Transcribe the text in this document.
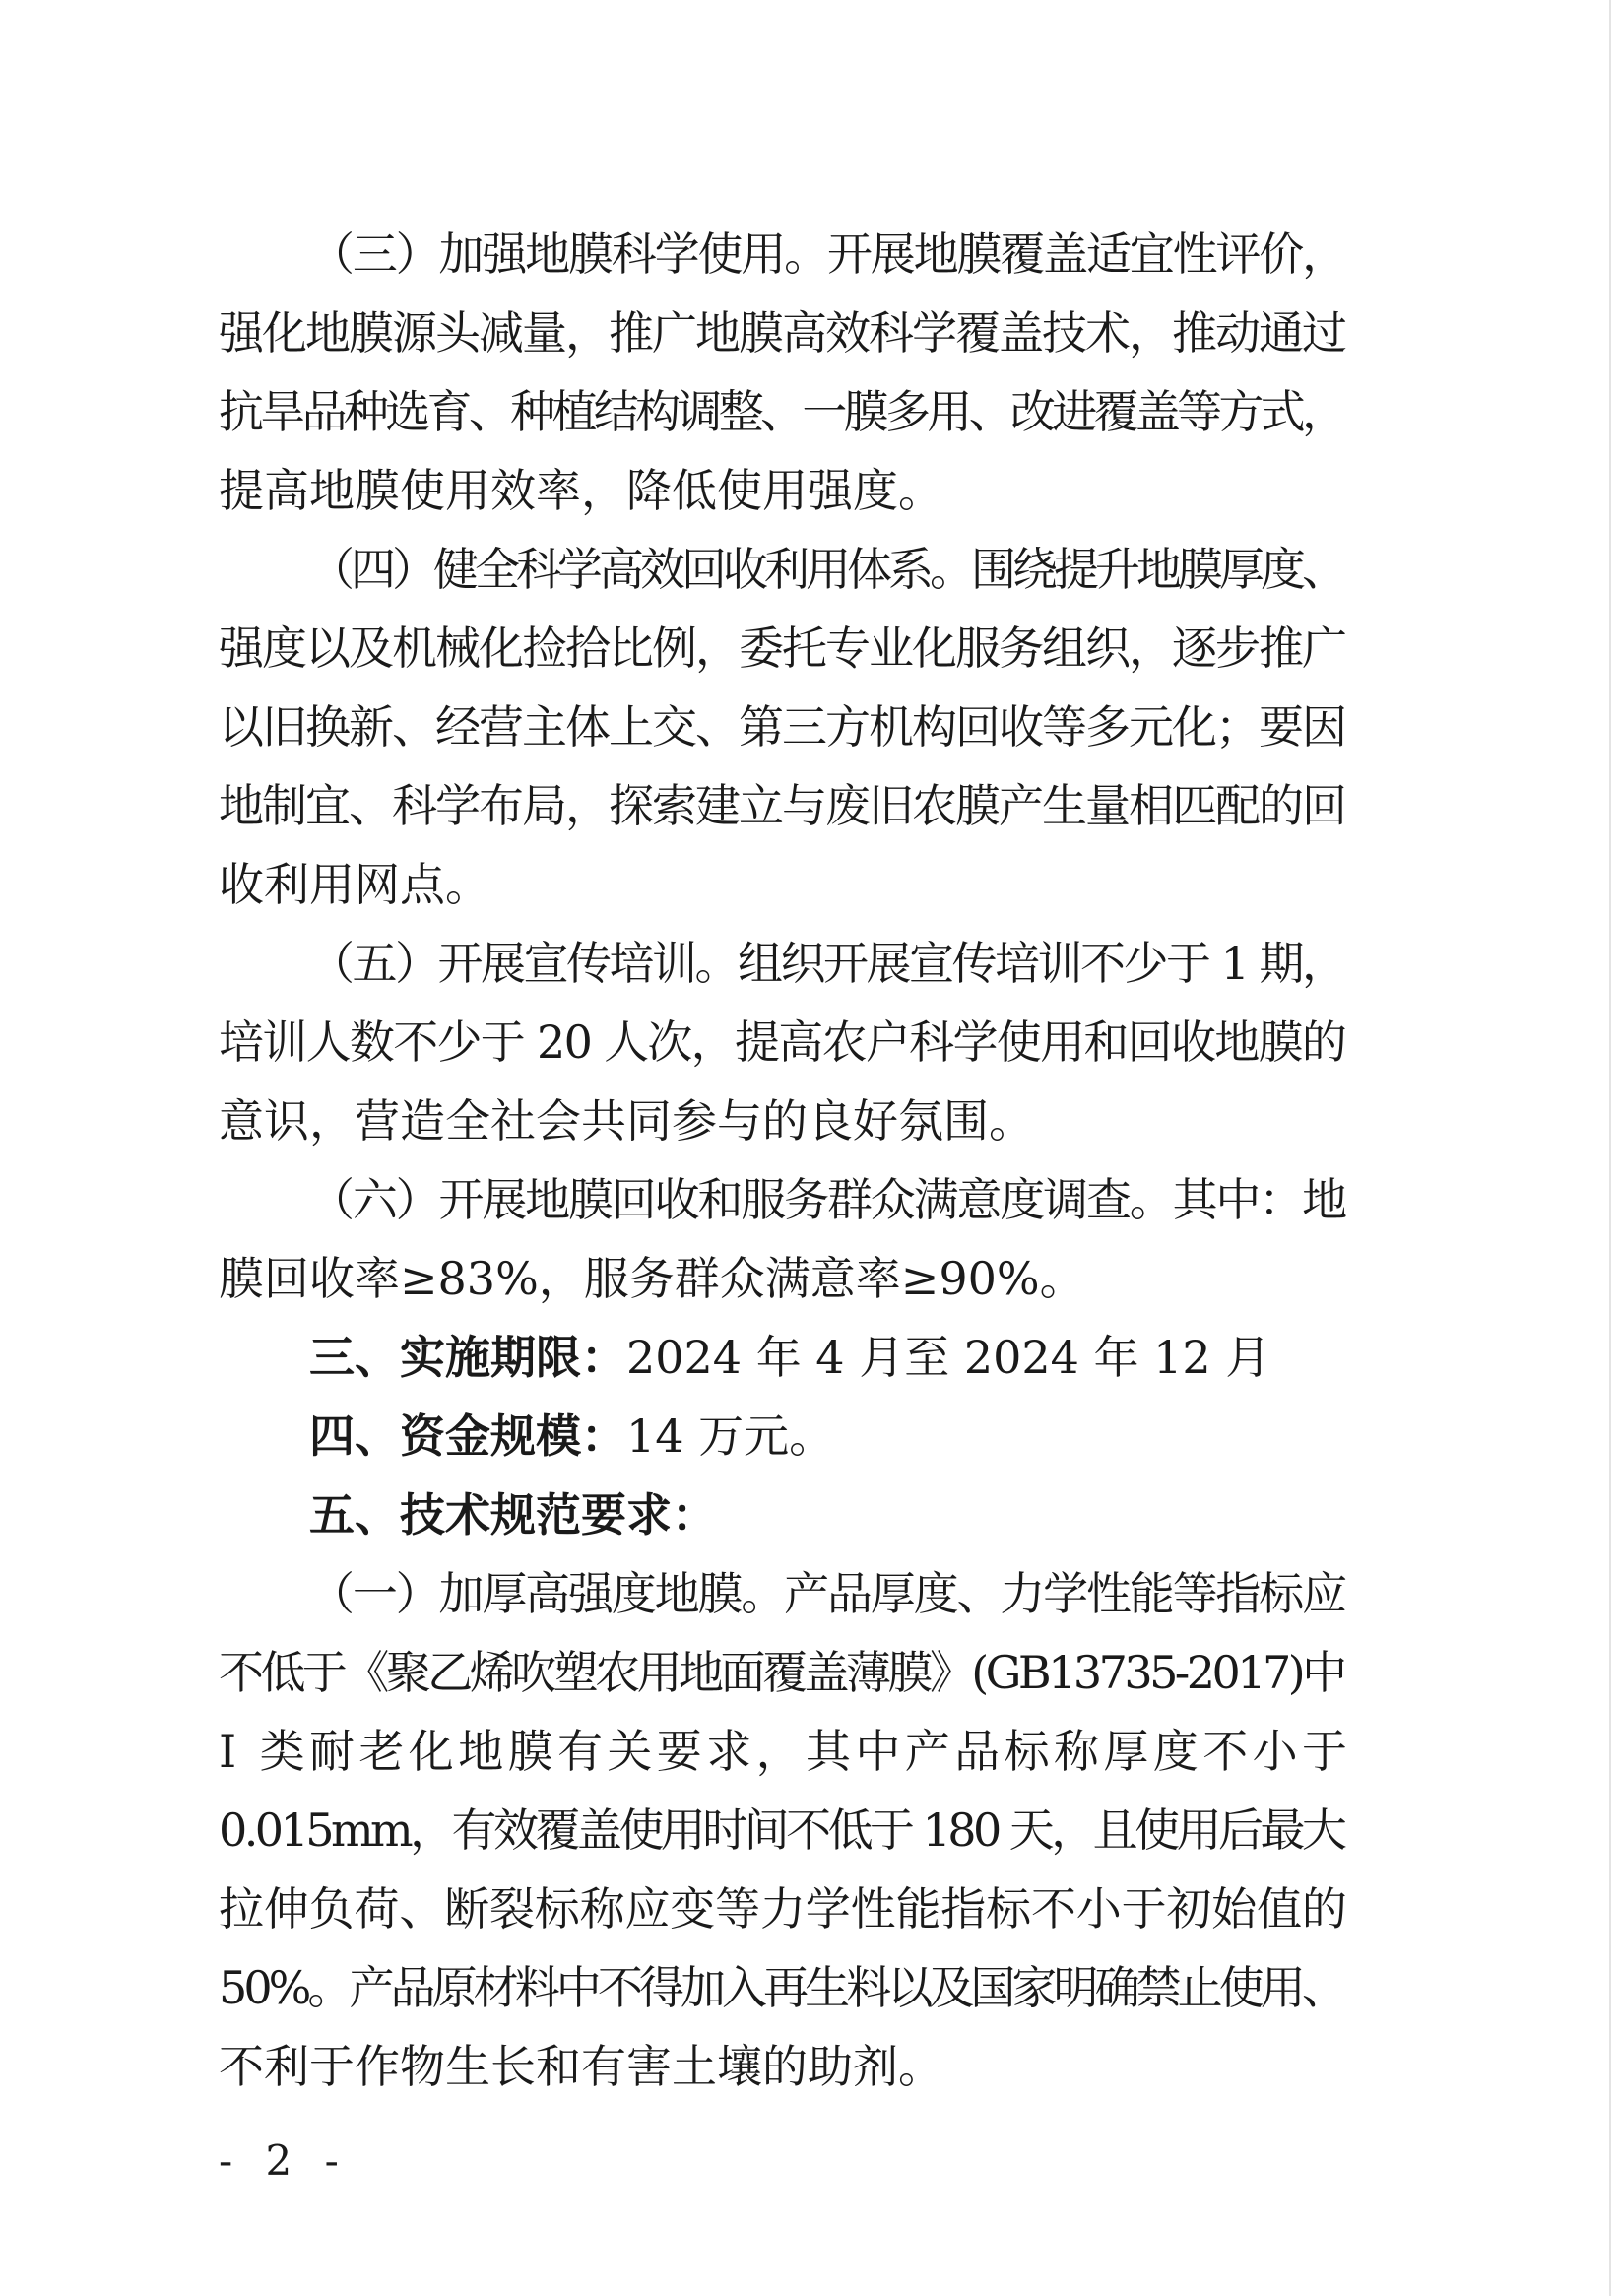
（三）加强地膜科学使用。开展地膜覆盖适宜性评价，
强化地膜源头减量，推广地膜高效科学覆盖技术，推动通过
抗旱品种选育、种植结构调整、一膜多用、改进覆盖等方式，
提高地膜使用效率，降低使用强度。
（四）健全科学高效回收利用体系。围绕提升地膜厚度、
强度以及机械化捡拾比例，委托专业化服务组织，逐步推广
以旧换新、经营主体上交、第三方机构回收等多元化；要因
地制宜、科学布局，探索建立与废旧农膜产生量相匹配的回
收利用网点。
（五）开展宣传培训。组织开展宣传培训不少于 1 期，
培训人数不少于 20 人次，提高农户科学使用和回收地膜的
意识，营造全社会共同参与的良好氛围。
（六）开展地膜回收和服务群众满意度调查。其中：地
膜回收率≥83%，服务群众满意率≥90%。
三、实施期限：2024 年 4 月至 2024 年 12 月
四、资金规模：14 万元。
五、技术规范要求：
（一）加厚高强度地膜。产品厚度、力学性能等指标应
不低于《聚乙烯吹塑农用地面覆盖薄膜》(GB13735-2017)中
I 类耐老化地膜有关要求，其中产品标称厚度不小于
0.015mm，有效覆盖使用时间不低于 180 天，且使用后最大
拉伸负荷、断裂标称应变等力学性能指标不小于初始值的
50%。产品原材料中不得加入再生料以及国家明确禁止使用、
不利于作物生长和有害土壤的助剂。
- 2 -
